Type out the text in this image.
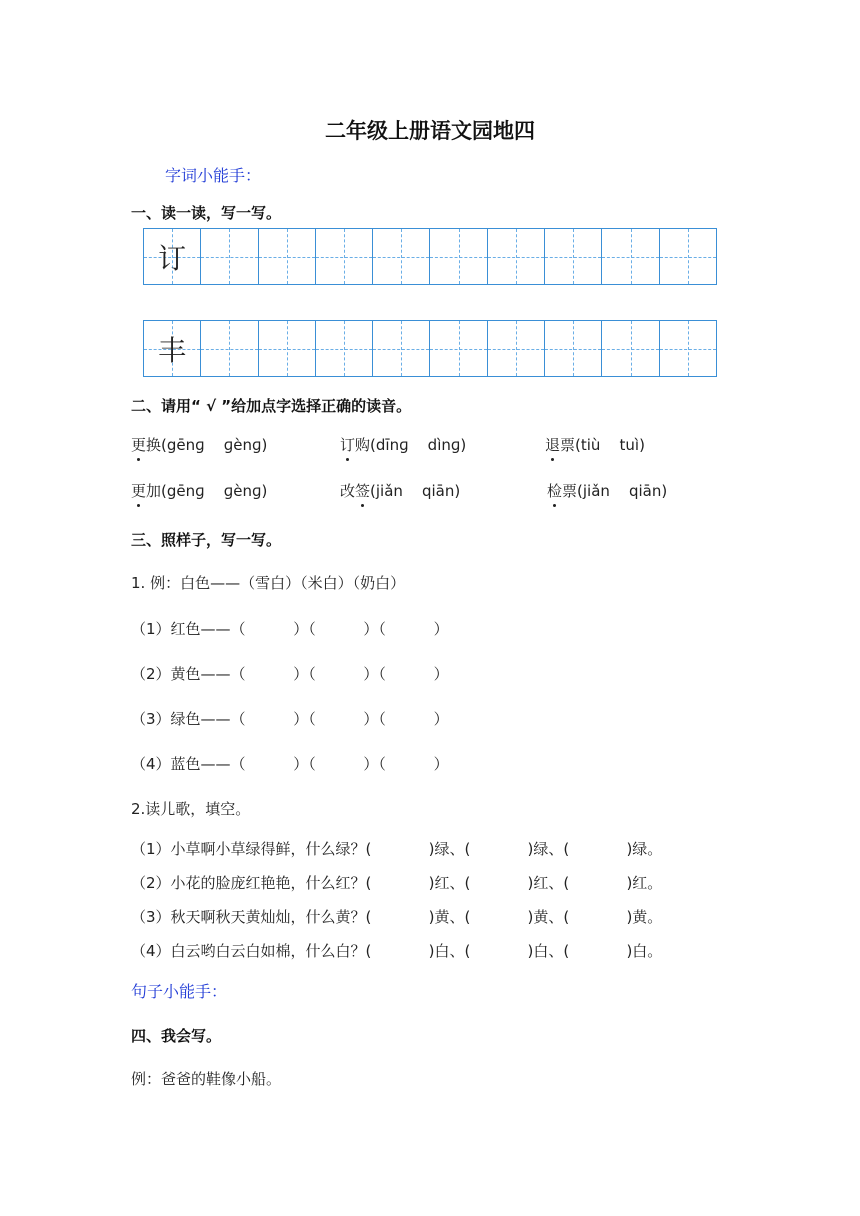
二年级上册语文园地四
字词小能手：
一、读一读，写一写。
订
丰
二、请用“ √ ”给加点字选择正确的读音。
更换(gēnɡ    ɡènɡ)	订购(dīnɡ    dìnɡ)	退票(tiù    tuì)
更加(gēnɡ    ɡènɡ)	改签(jiǎn    qiān)	检票(jiǎn    qiān)
三、照样子，写一写。
1. 例：白色——（雪白）（米白）（奶白）
（1）红色——（          ）（          ）（          ）
（2）黄色——（          ）（          ）（          ）
（3）绿色——（          ）（          ）（          ）
（4）蓝色——（          ）（          ）（          ）
2.读儿歌，填空。
（1）小草啊小草绿得鲜，什么绿？(            )绿、(            )绿、(            )绿。
（2）小花的脸庞红艳艳，什么红？(            )红、(            )红、(            )红。
（3）秋天啊秋天黄灿灿，什么黄？(            )黄、(            )黄、(            )黄。
（4）白云哟白云白如棉，什么白？(            )白、(            )白、(            )白。
句子小能手：
四、我会写。
例：爸爸的鞋像小船。
